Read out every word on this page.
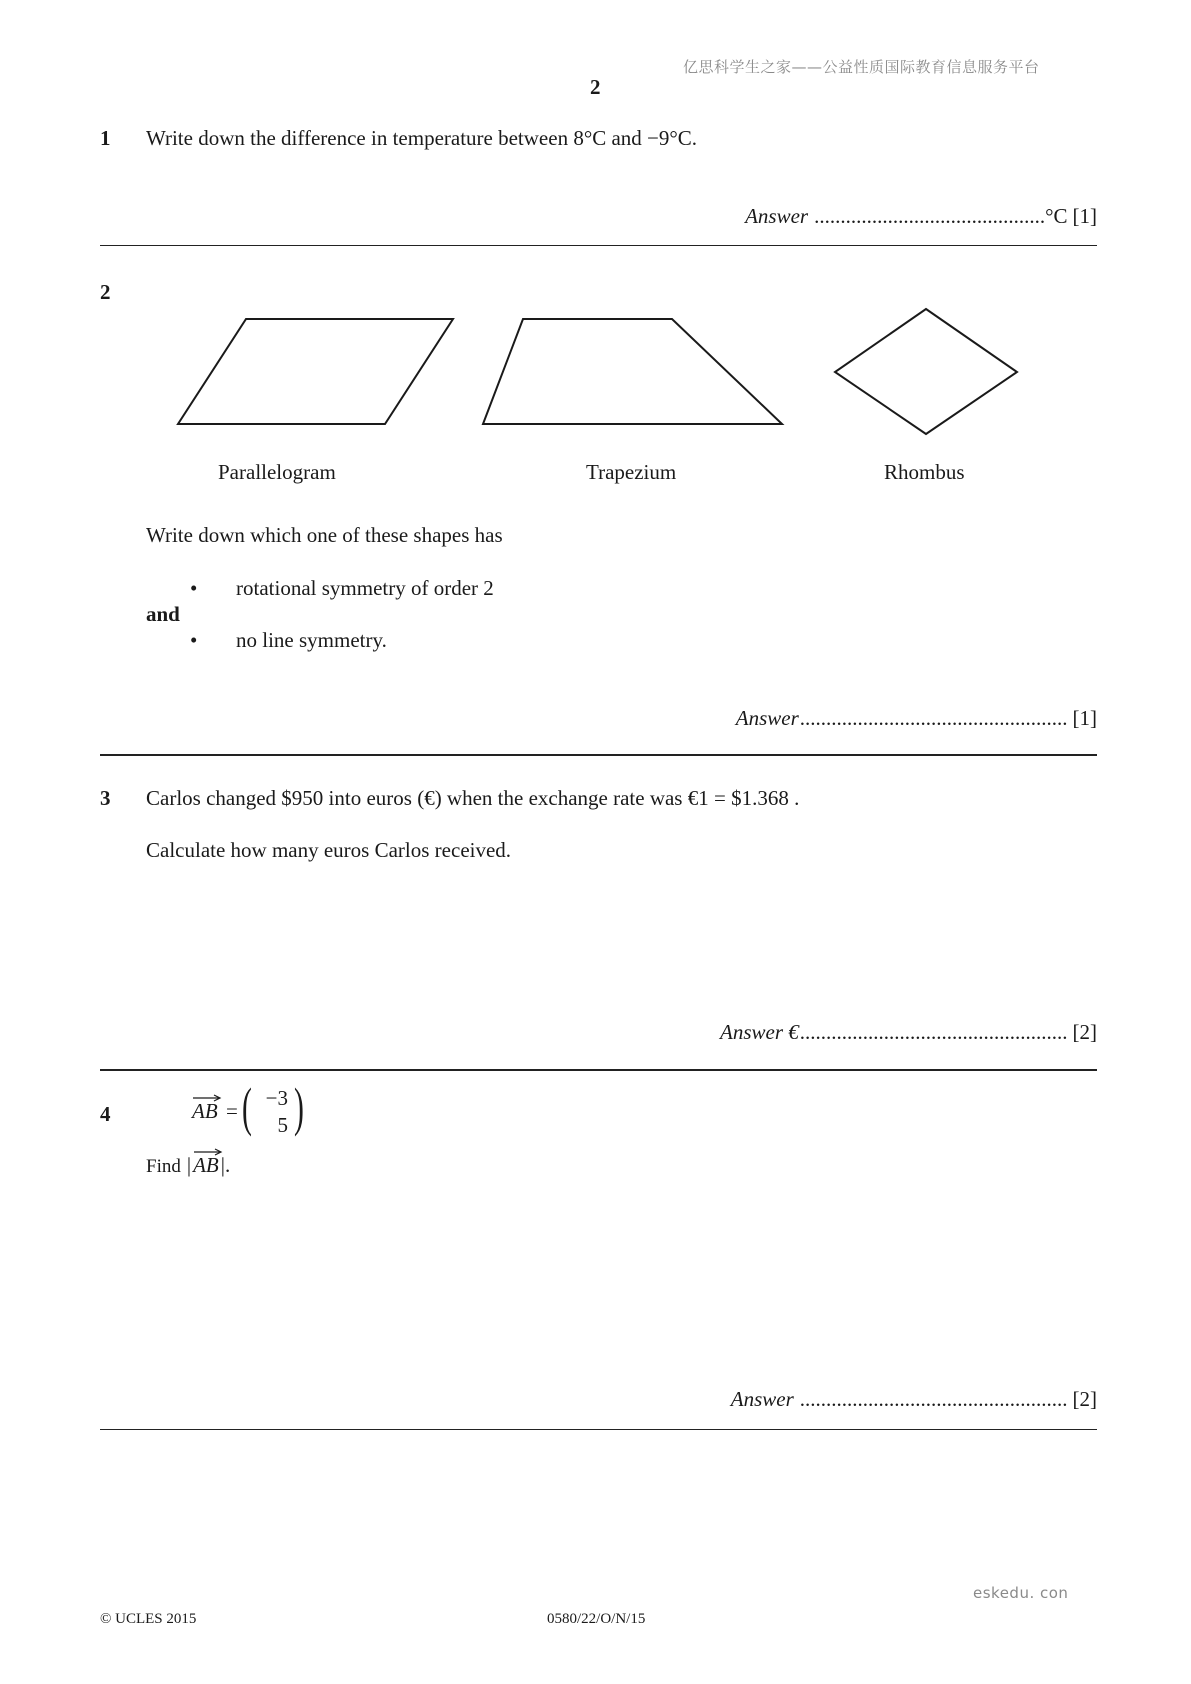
亿思科学生之家——公益性质国际教育信息服务平台
2
1 Write down the difference in temperature between 8°C and −9°C.
Answer ............................................ °C [1]
2
Parallelogram	Trapezium	Rhombus
Write down which one of these shapes has
• rotational symmetry of order 2
and
• no line symmetry.
Answer ................................................... [1]
3 Carlos changed $950 into euros (€) when the exchange rate was €1 = $1.368 .
Calculate how many euros Carlos received.
Answer € ................................................... [2]
4	AB = ( −3
5 )
Find | AB | .
Answer ................................................... [2]
eskedu. con
© UCLES 2015	0580/22/O/N/15
